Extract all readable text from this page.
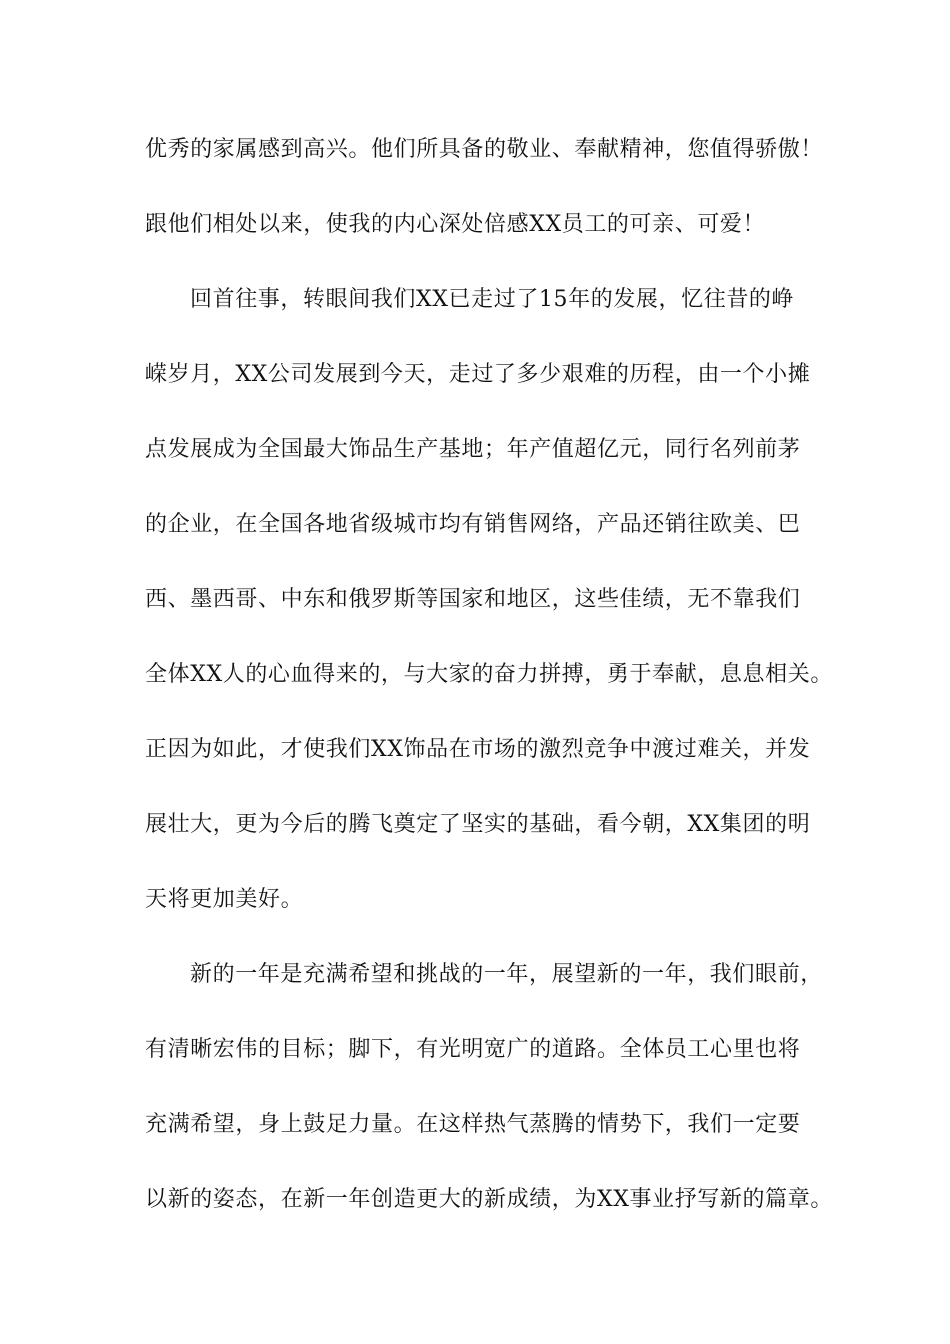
优秀的家属感到高兴。他们所具备的敬业、奉献精神，您值得骄傲！
跟他们相处以来，使我的内心深处倍感XX员工的可亲、可爱！
回首往事，转眼间我们XX已走过了15年的发展，忆往昔的峥
嵘岁月，XX公司发展到今天，走过了多少艰难的历程，由一个小摊
点发展成为全国最大饰品生产基地；年产值超亿元，同行名列前茅
的企业，在全国各地省级城市均有销售网络，产品还销往欧美、巴
西、墨西哥、中东和俄罗斯等国家和地区，这些佳绩，无不靠我们
全体XX人的心血得来的，与大家的奋力拼搏，勇于奉献，息息相关。
正因为如此，才使我们XX饰品在市场的激烈竞争中渡过难关，并发
展壮大，更为今后的腾飞奠定了坚实的基础，看今朝，XX集团的明
天将更加美好。
新的一年是充满希望和挑战的一年，展望新的一年，我们眼前，
有清晰宏伟的目标；脚下，有光明宽广的道路。全体员工心里也将
充满希望，身上鼓足力量。在这样热气蒸腾的情势下，我们一定要
以新的姿态，在新一年创造更大的新成绩，为XX事业抒写新的篇章。
